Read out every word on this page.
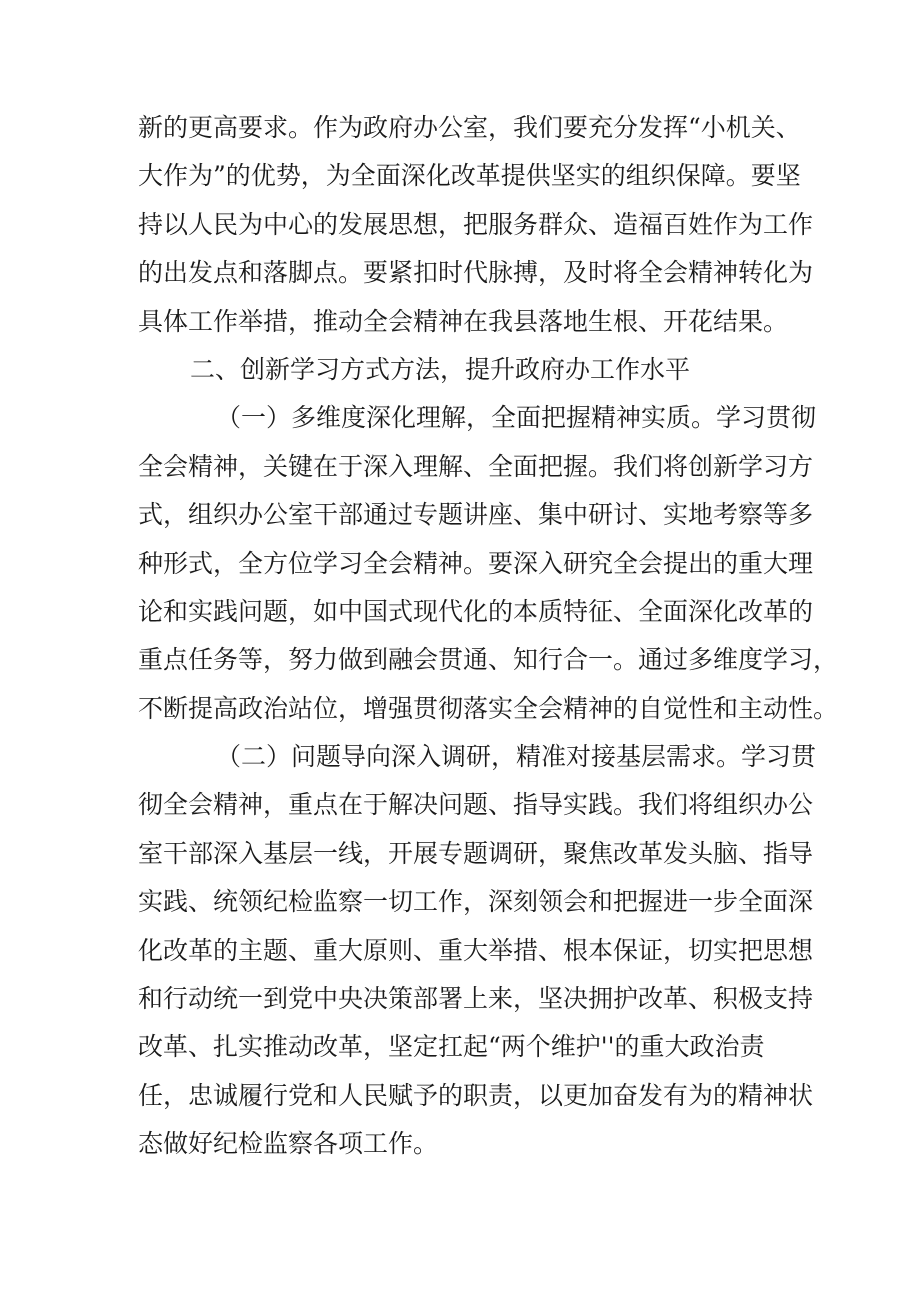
新的更高要求。作为政府办公室，我们要充分发挥“小机关、
大作为”的优势，为全面深化改革提供坚实的组织保障。要坚
持以人民为中心的发展思想，把服务群众、造福百姓作为工作
的出发点和落脚点。要紧扣时代脉搏，及时将全会精神转化为
具体工作举措，推动全会精神在我县落地生根、开花结果。
二、创新学习方式方法，提升政府办工作水平
（一）多维度深化理解，全面把握精神实质。学习贯彻
全会精神，关键在于深入理解、全面把握。我们将创新学习方
式，组织办公室干部通过专题讲座、集中研讨、实地考察等多
种形式，全方位学习全会精神。要深入研究全会提出的重大理
论和实践问题，如中国式现代化的本质特征、全面深化改革的
重点任务等，努力做到融会贯通、知行合一。通过多维度学习，
不断提高政治站位，增强贯彻落实全会精神的自觉性和主动性。
（二）问题导向深入调研，精准对接基层需求。学习贯
彻全会精神，重点在于解决问题、指导实践。我们将组织办公
室干部深入基层一线，开展专题调研，聚焦改革发头脑、指导
实践、统领纪检监察一切工作，深刻领会和把握进一步全面深
化改革的主题、重大原则、重大举措、根本保证，切实把思想
和行动统一到党中央决策部署上来，坚决拥护改革、积极支持
改革、扎实推动改革，坚定扛起“两个维护''的重大政治责
任，忠诚履行党和人民赋予的职责，以更加奋发有为的精神状
态做好纪检监察各项工作。
